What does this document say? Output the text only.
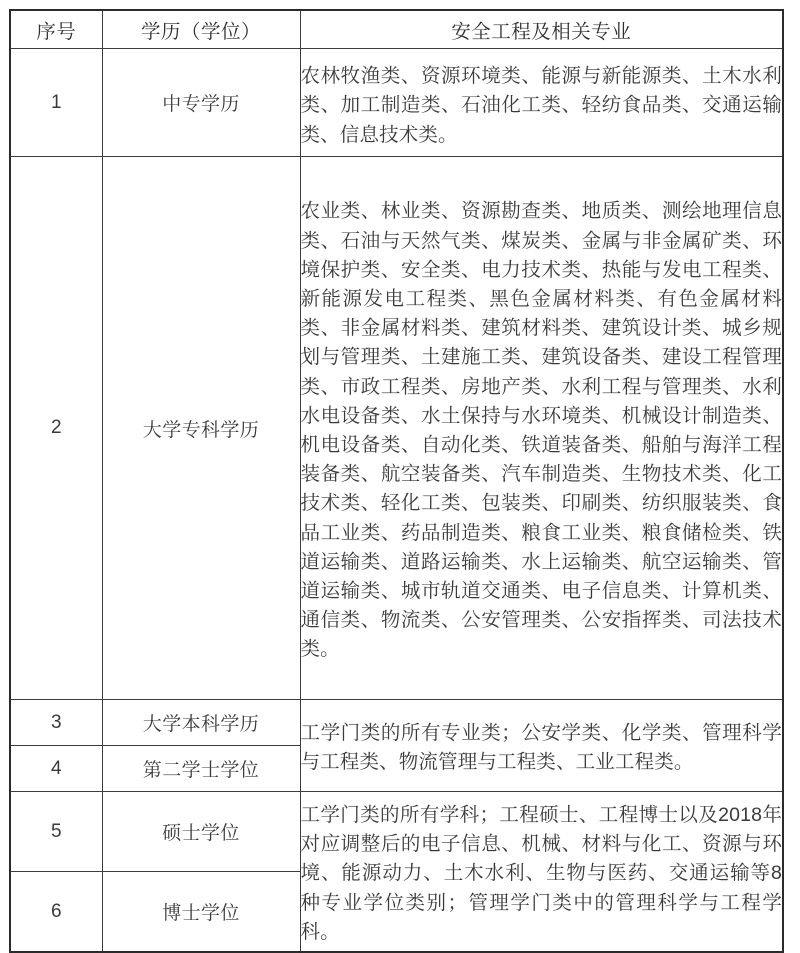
序号	学历（学位）	安全工程及相关专业
1	中专学历	农林牧渔类、资源环境类、能源与新能源类、土木水利类、加工制造类、石油化工类、轻纺食品类、交通运输类、信息技术类。
2	大学专科学历	农业类、林业类、资源勘查类、地质类、测绘地理信息类、石油与天然气类、煤炭类、金属与非金属矿类、环境保护类、安全类、电力技术类、热能与发电工程类、新能源发电工程类、黑色金属材料类、有色金属材料类、非金属材料类、建筑材料类、建筑设计类、城乡规划与管理类、土建施工类、建筑设备类、建设工程管理类、市政工程类、房地产类、水利工程与管理类、水利水电设备类、水土保持与水环境类、机械设计制造类、机电设备类、自动化类、铁道装备类、船舶与海洋工程装备类、航空装备类、汽车制造类、生物技术类、化工技术类、轻化工类、包装类、印刷类、纺织服装类、食品工业类、药品制造类、粮食工业类、粮食储检类、铁道运输类、道路运输类、水上运输类、航空运输类、管道运输类、城市轨道交通类、电子信息类、计算机类、通信类、物流类、公安管理类、公安指挥类、司法技术类。
3	大学本科学历	工学门类的所有专业类；公安学类、化学类、管理科学与工程类、物流管理与工程类、工业工程类。
4	第二学士学位	
5	硕士学位	工学门类的所有学科；工程硕士、工程博士以及2018年对应调整后的电子信息、机械、材料与化工、资源与环境、能源动力、土木水利、生物与医药、交通运输等8种专业学位类别；管理学门类中的管理科学与工程学科。
6	博士学位	
